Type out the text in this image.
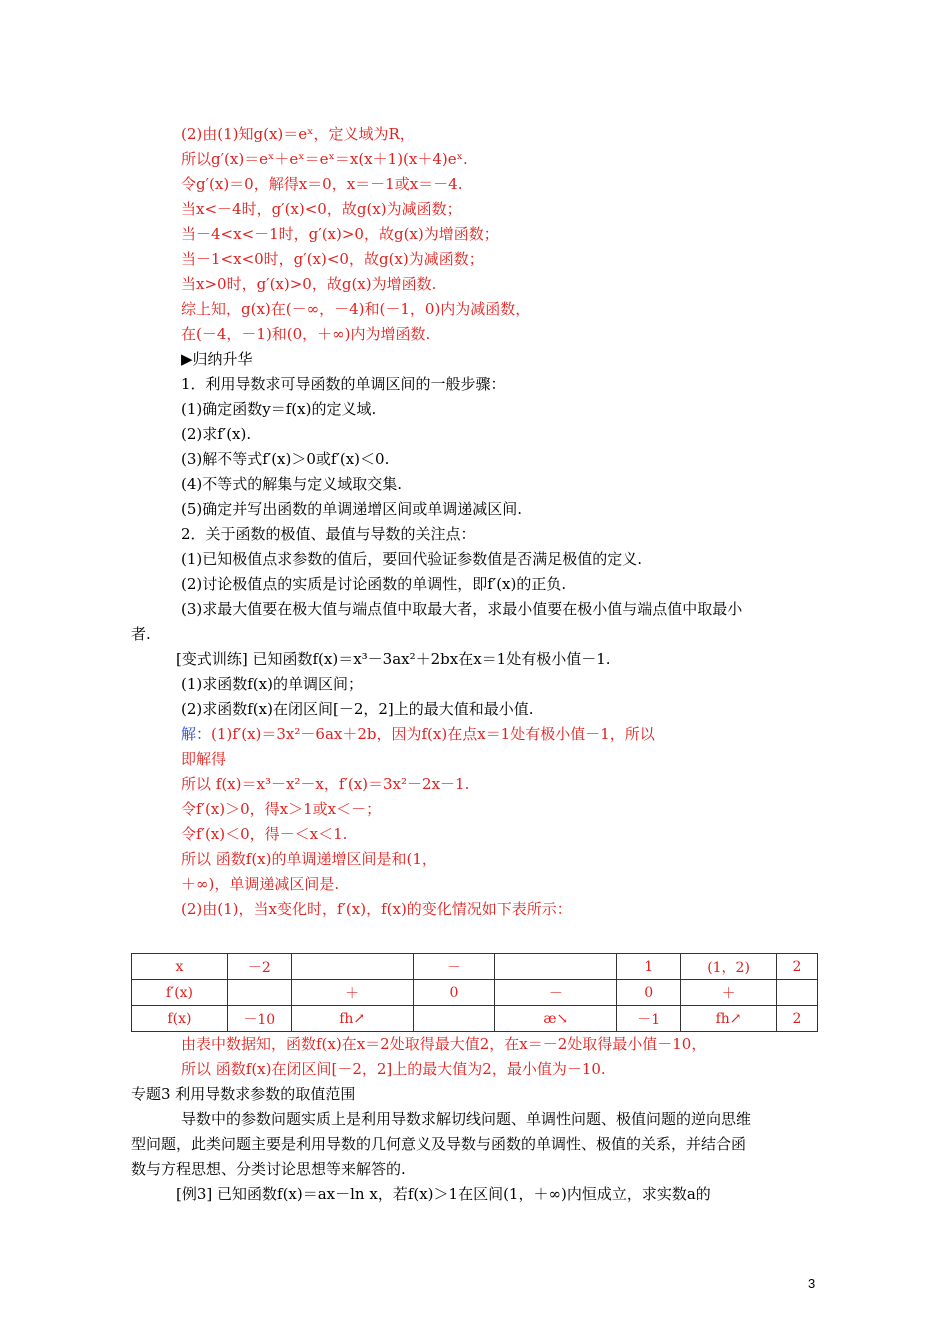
(2)由(1)知g(x)＝eˣ，定义域为R，
所以g′(x)＝eˣ＋eˣ＝eˣ＝x(x＋1)(x＋4)eˣ.
令g′(x)＝0，解得x＝0，x＝－1或x＝－4.
当x<－4时，g′(x)<0，故g(x)为减函数；
当－4<x<－1时，g′(x)>0，故g(x)为增函数；
当－1<x<0时，g′(x)<0，故g(x)为减函数；
当x>0时，g′(x)>0，故g(x)为增函数.
综上知，g(x)在(－∞，－4)和(－1，0)内为减函数，
在(－4，－1)和(0，＋∞)内为增函数.
▶归纳升华
1．利用导数求可导函数的单调区间的一般步骤：
(1)确定函数y＝f(x)的定义域.
(2)求f′(x).
(3)解不等式f′(x)＞0或f′(x)＜0.
(4)不等式的解集与定义域取交集.
(5)确定并写出函数的单调递增区间或单调递减区间.
2．关于函数的极值、最值与导数的关注点：
(1)已知极值点求参数的值后，要回代验证参数值是否满足极值的定义.
(2)讨论极值点的实质是讨论函数的单调性，即f′(x)的正负.
(3)求最大值要在极大值与端点值中取最大者，求最小值要在极小值与端点值中取最小
者.
[变式训练] 已知函数f(x)＝x³－3ax²＋2bx在x＝1处有极小值－1.
(1)求函数f(x)的单调区间；
(2)求函数f(x)在闭区间[－2，2]上的最大值和最小值.
即解得
所以 f(x)＝x³－x²－x，f′(x)＝3x²－2x－1.
令f′(x)＞0，得x＞1或x＜－；
令f′(x)＜0，得－＜x＜1.
所以 函数f(x)的单调递增区间是和(1，
＋∞)，单调递减区间是.
(2)由(1)，当x变化时，f′(x)，f(x)的变化情况如下表所示：
由表中数据知，函数f(x)在x＝2处取得最大值2，在x＝－2处取得最小值－10，
所以 函数f(x)在闭区间[－2，2]上的最大值为2，最小值为－10.
专题3 利用导数求参数的取值范围
导数中的参数问题实质上是利用导数求解切线问题、单调性问题、极值问题的逆向思维
型问题，此类问题主要是利用导数的几何意义及导数与函数的单调性、极值的关系，并结合函
数与方程思想、分类讨论思想等来解答的.
[例3] 已知函数f(x)＝ax－ln x，若f(x)＞1在区间(1，＋∞)内恒成立，求实数a的
解：(1)f′(x)＝3x²－6ax＋2b，因为f(x)在点x＝1处有极小值－1，所以
x	－2		－		1	(1，2)	2
f′(x)		＋	0	－	0	＋	
f(x)	－10	fh↗		æ↘	－1	fh↗	2
3
